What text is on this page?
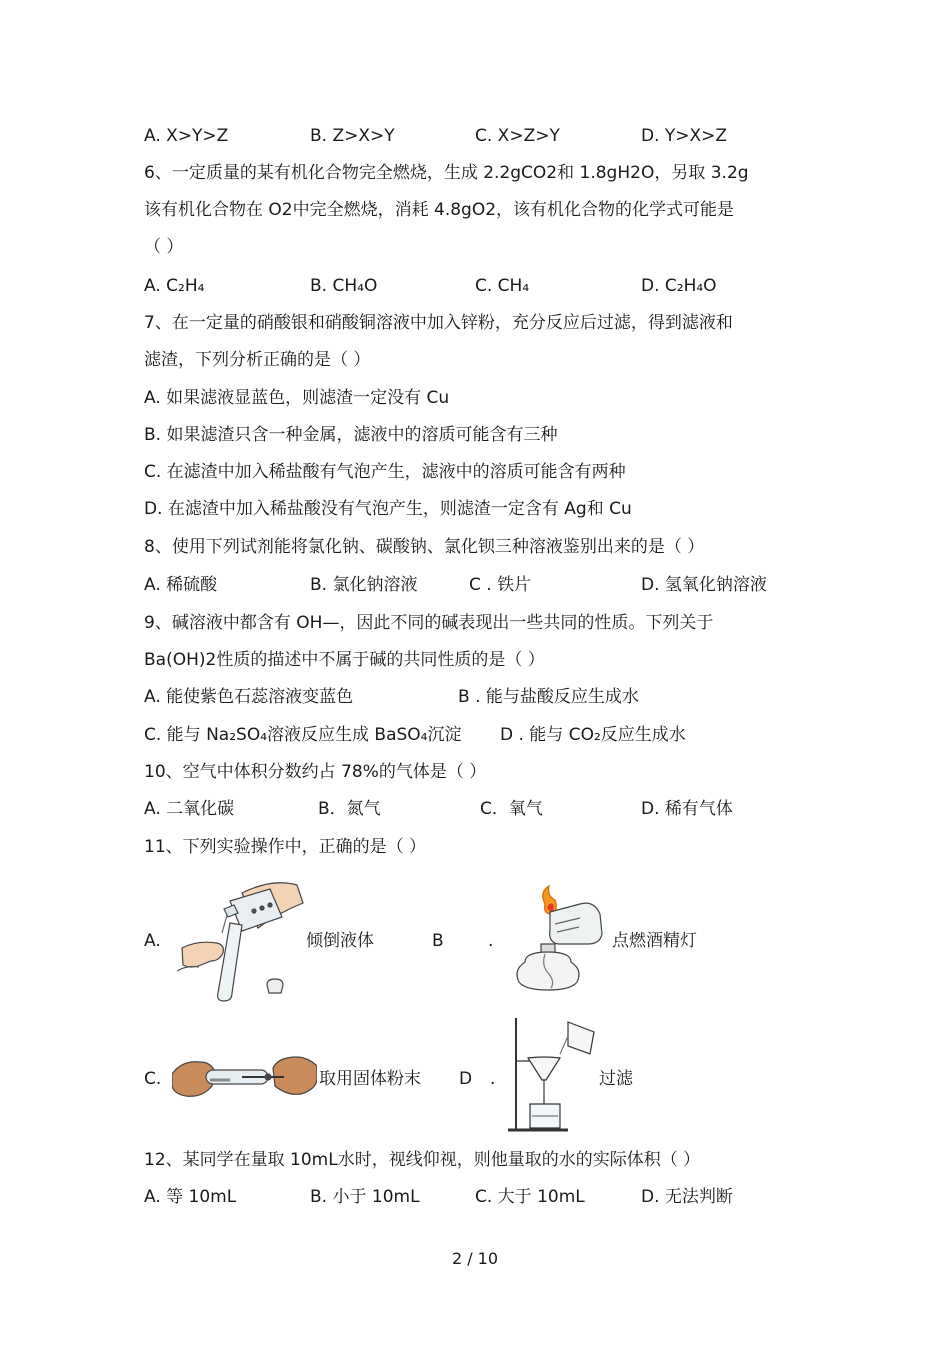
A. X>Y>Z	B. Z>X>Y	C. X>Z>Y	D. Y>X>Z
6、一定质量的某有机化合物完全燃烧，生成 2.2gCO2和 1.8gH2O，另取 3.2g
该有机化合物在 O2中完全燃烧，消耗 4.8gO2，该有机化合物的化学式可能是
（ ）
A. C₂H₄	B. CH₄O	C. CH₄	D. C₂H₄O
7、在一定量的硝酸银和硝酸铜溶液中加入锌粉，充分反应后过滤，得到滤液和
滤渣，下列分析正确的是（ ）
A. 如果滤液显蓝色，则滤渣一定没有 Cu
B. 如果滤渣只含一种金属，滤液中的溶质可能含有三种
C. 在滤渣中加入稀盐酸有气泡产生，滤液中的溶质可能含有两种
D. 在滤渣中加入稀盐酸没有气泡产生，则滤渣一定含有 Ag和 Cu
8、使用下列试剂能将氯化钠、碳酸钠、氯化钡三种溶液鉴别出来的是（ ）
A. 稀硫酸	B. 氯化钠溶液	C . 铁片	D. 氢氧化钠溶液
9、碱溶液中都含有 OH—，因此不同的碱表现出一些共同的性质。下列关于
Ba(OH)2性质的描述中不属于碱的共同性质的是（ ）
A. 能使紫色石蕊溶液变蓝色	B . 能与盐酸反应生成水
C. 能与 Na₂SO₄溶液反应生成 BaSO₄沉淀 D . 能与 CO₂反应生成水
10、空气中体积分数约占 78%的气体是（ ）
A. 二氧化碳	B．氮气	C．氧气	D. 稀有气体
11、下列实验操作中，正确的是（ ）
A.	倾倒液体	B	.	点燃酒精灯
C.	取用固体粉末 D .	过滤
12、某同学在量取 10mL水时，视线仰视，则他量取的水的实际体积（ ）
A. 等 10mL	B. 小于 10mL	C. 大于 10mL	D. 无法判断
2 / 10
